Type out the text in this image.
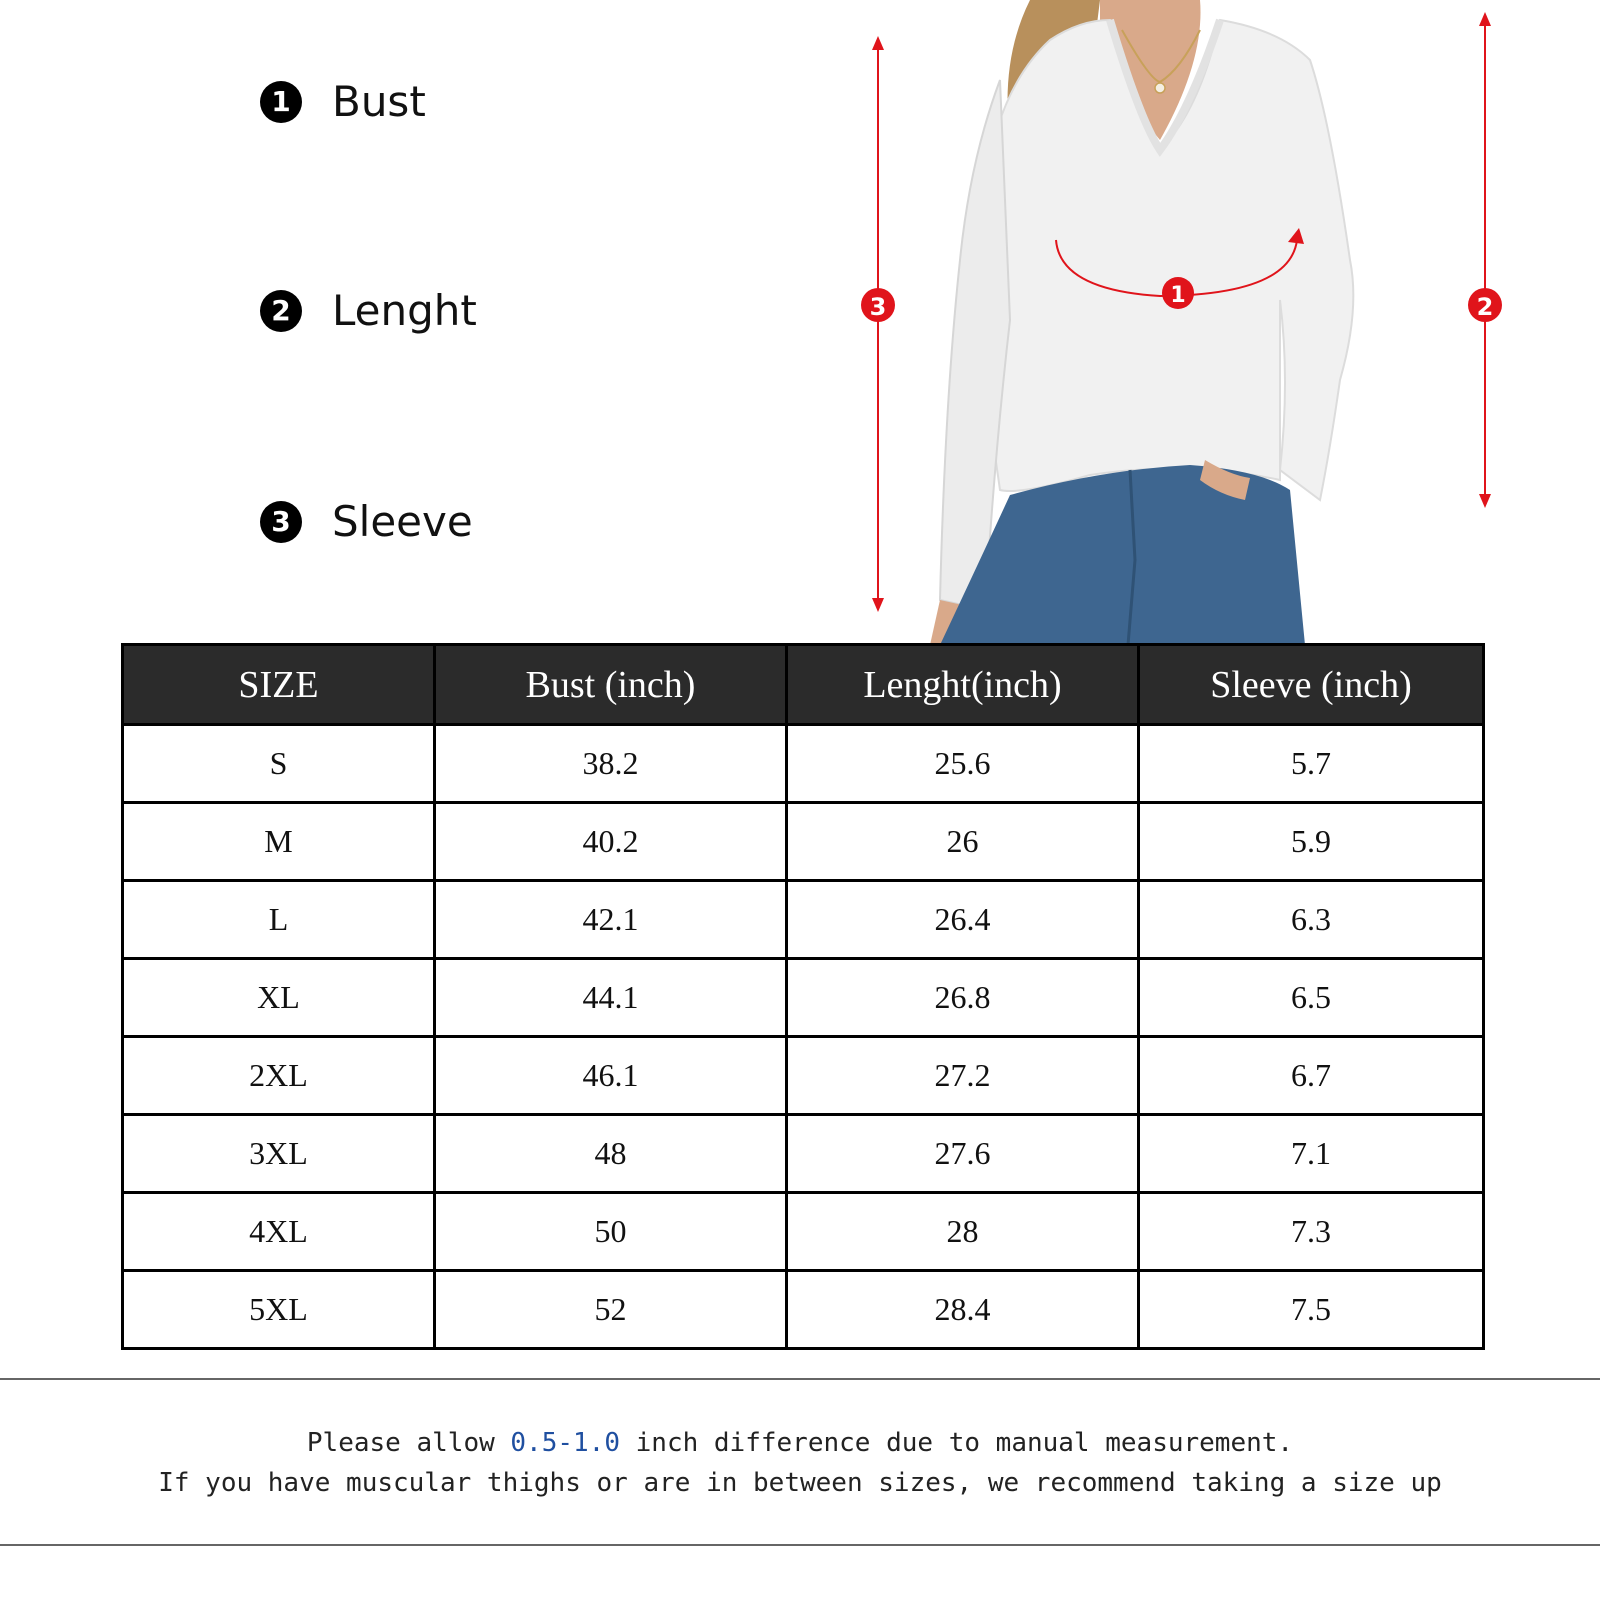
1 Bust
2 Lenght
3 Sleeve
3	2
1
SIZE	Bust (inch)	Lenght(inch)	Sleeve (inch)
S	38.2	25.6	5.7
M	40.2	26	5.9
L	42.1	26.4	6.3
XL	44.1	26.8	6.5
2XL	46.1	27.2	6.7
3XL	48	27.6	7.1
4XL	50	28	7.3
5XL	52	28.4	7.5
Please allow 0.5-1.0 inch difference due to manual measurement.
If you have muscular thighs or are in between sizes, we recommend taking a size up
